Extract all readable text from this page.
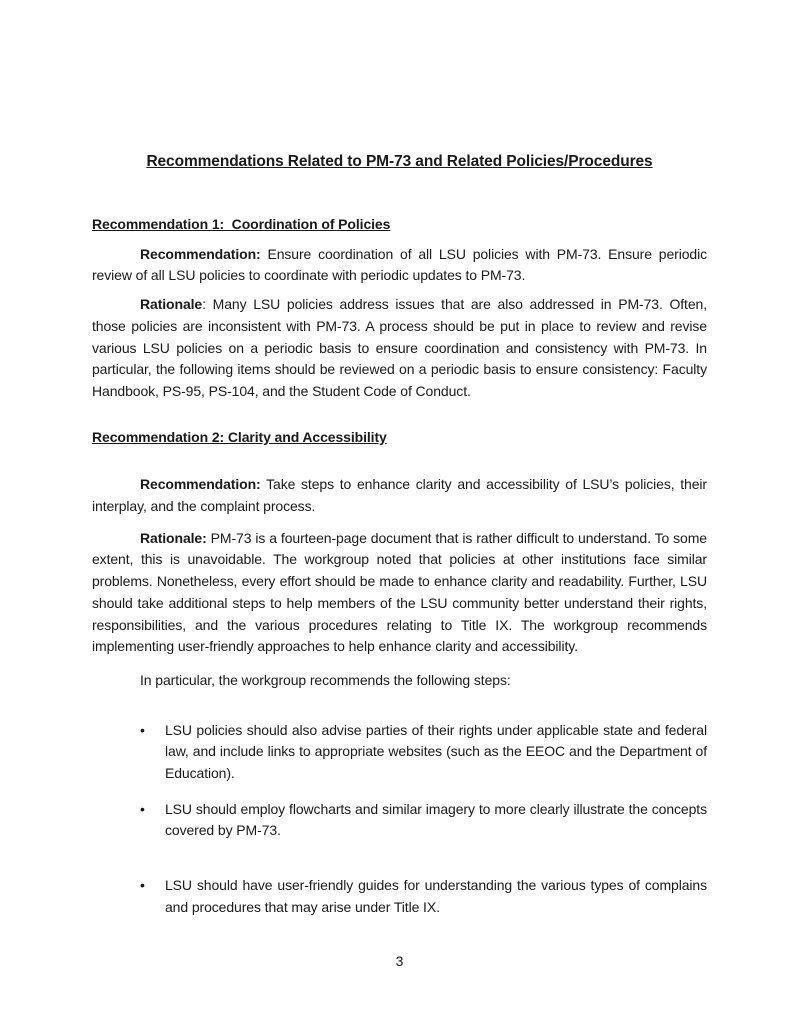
Recommendations Related to PM-73 and Related Policies/Procedures
Recommendation 1:  Coordination of Policies

Recommendation: Ensure coordination of all LSU policies with PM-73. Ensure periodic review of all LSU policies to coordinate with periodic updates to PM-73.

Rationale: Many LSU policies address issues that are also addressed in PM-73. Often, those policies are inconsistent with PM-73. A process should be put in place to review and revise various LSU policies on a periodic basis to ensure coordination and consistency with PM-73. In particular, the following items should be reviewed on a periodic basis to ensure consistency: Faculty Handbook, PS-95, PS-104, and the Student Code of Conduct.

Recommendation 2: Clarity and Accessibility

Recommendation: Take steps to enhance clarity and accessibility of LSU’s policies, their interplay, and the complaint process.

Rationale: PM-73 is a fourteen-page document that is rather difficult to understand. To some extent, this is unavoidable. The workgroup noted that policies at other institutions face similar problems. Nonetheless, every effort should be made to enhance clarity and readability. Further, LSU should take additional steps to help members of the LSU community better understand their rights, responsibilities, and the various procedures relating to Title IX. The workgroup recommends implementing user-friendly approaches to help enhance clarity and accessibility.

In particular, the workgroup recommends the following steps:

•	LSU policies should also advise parties of their rights under applicable state and federal law, and include links to appropriate websites (such as the EEOC and the Department of Education).
•	LSU should employ flowcharts and similar imagery to more clearly illustrate the concepts covered by PM-73.
•	LSU should have user-friendly guides for understanding the various types of complains and procedures that may arise under Title IX.
3
